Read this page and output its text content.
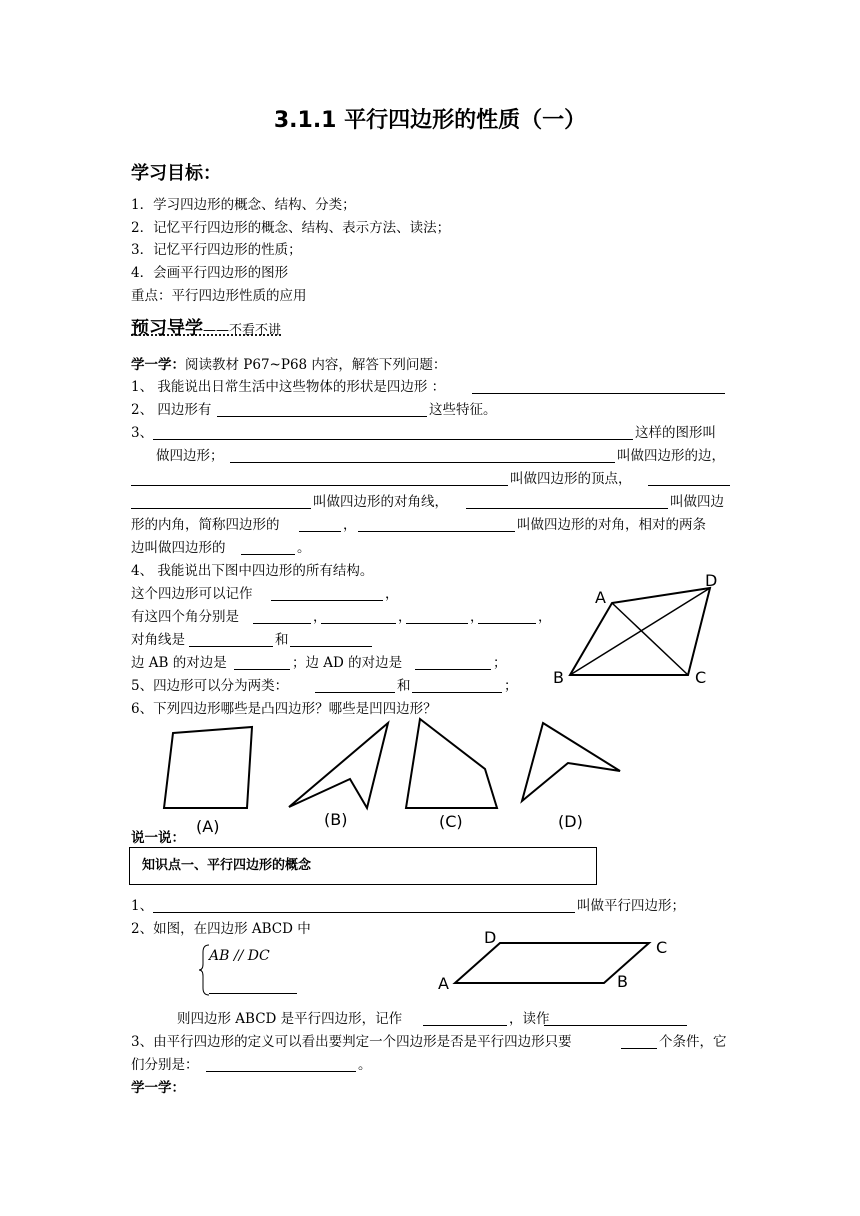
3.1.1 平行四边形的性质（一）
学习目标：
1．学习四边形的概念、结构、分类；
2．记忆平行四边形的概念、结构、表示方法、读法；
3．记忆平行四边形的性质；
4．会画平行四边形的图形
重点：平行四边形性质的应用
预习导学——不看不讲
学一学：阅读教材 P67~P68 内容，解答下列问题：
1、 我能说出日常生活中这些物体的形状是四边形 ：
2、 四边形有	这些特征。
3、	这样的图形叫
做四边形；	叫做四边形的边，
叫做四边形的顶点，
叫做四边形的对角线，	叫做四边
形的内角，简称四边形的	，	叫做四边形的对角，相对的两条
边叫做四边形的	。
4、 我能说出下图中四边形的所有结构。
这个四边形可以记作	，
有这四个角分别是	，	，	，	，
对角线是	和
边 AB 的对边是	；边 AD 的对边是	；
5、四边形可以分为两类：	和	；
6、下列四边形哪些是凸四边形？哪些是凹四边形？
A
D
B	C
(A)	(B)	(C)	(D)
说一说：
知识点一、平行四边形的概念
1、	叫做平行四边形；
2、如图，在四边形 ABCD 中
AB // DC
D
C
A	B
则四边形 ABCD 是平行四边形，记作	，读作
3、由平行四边形的定义可以看出要判定一个四边形是否是平行四边形只要	个条件，它
们分别是：	。
学一学：
